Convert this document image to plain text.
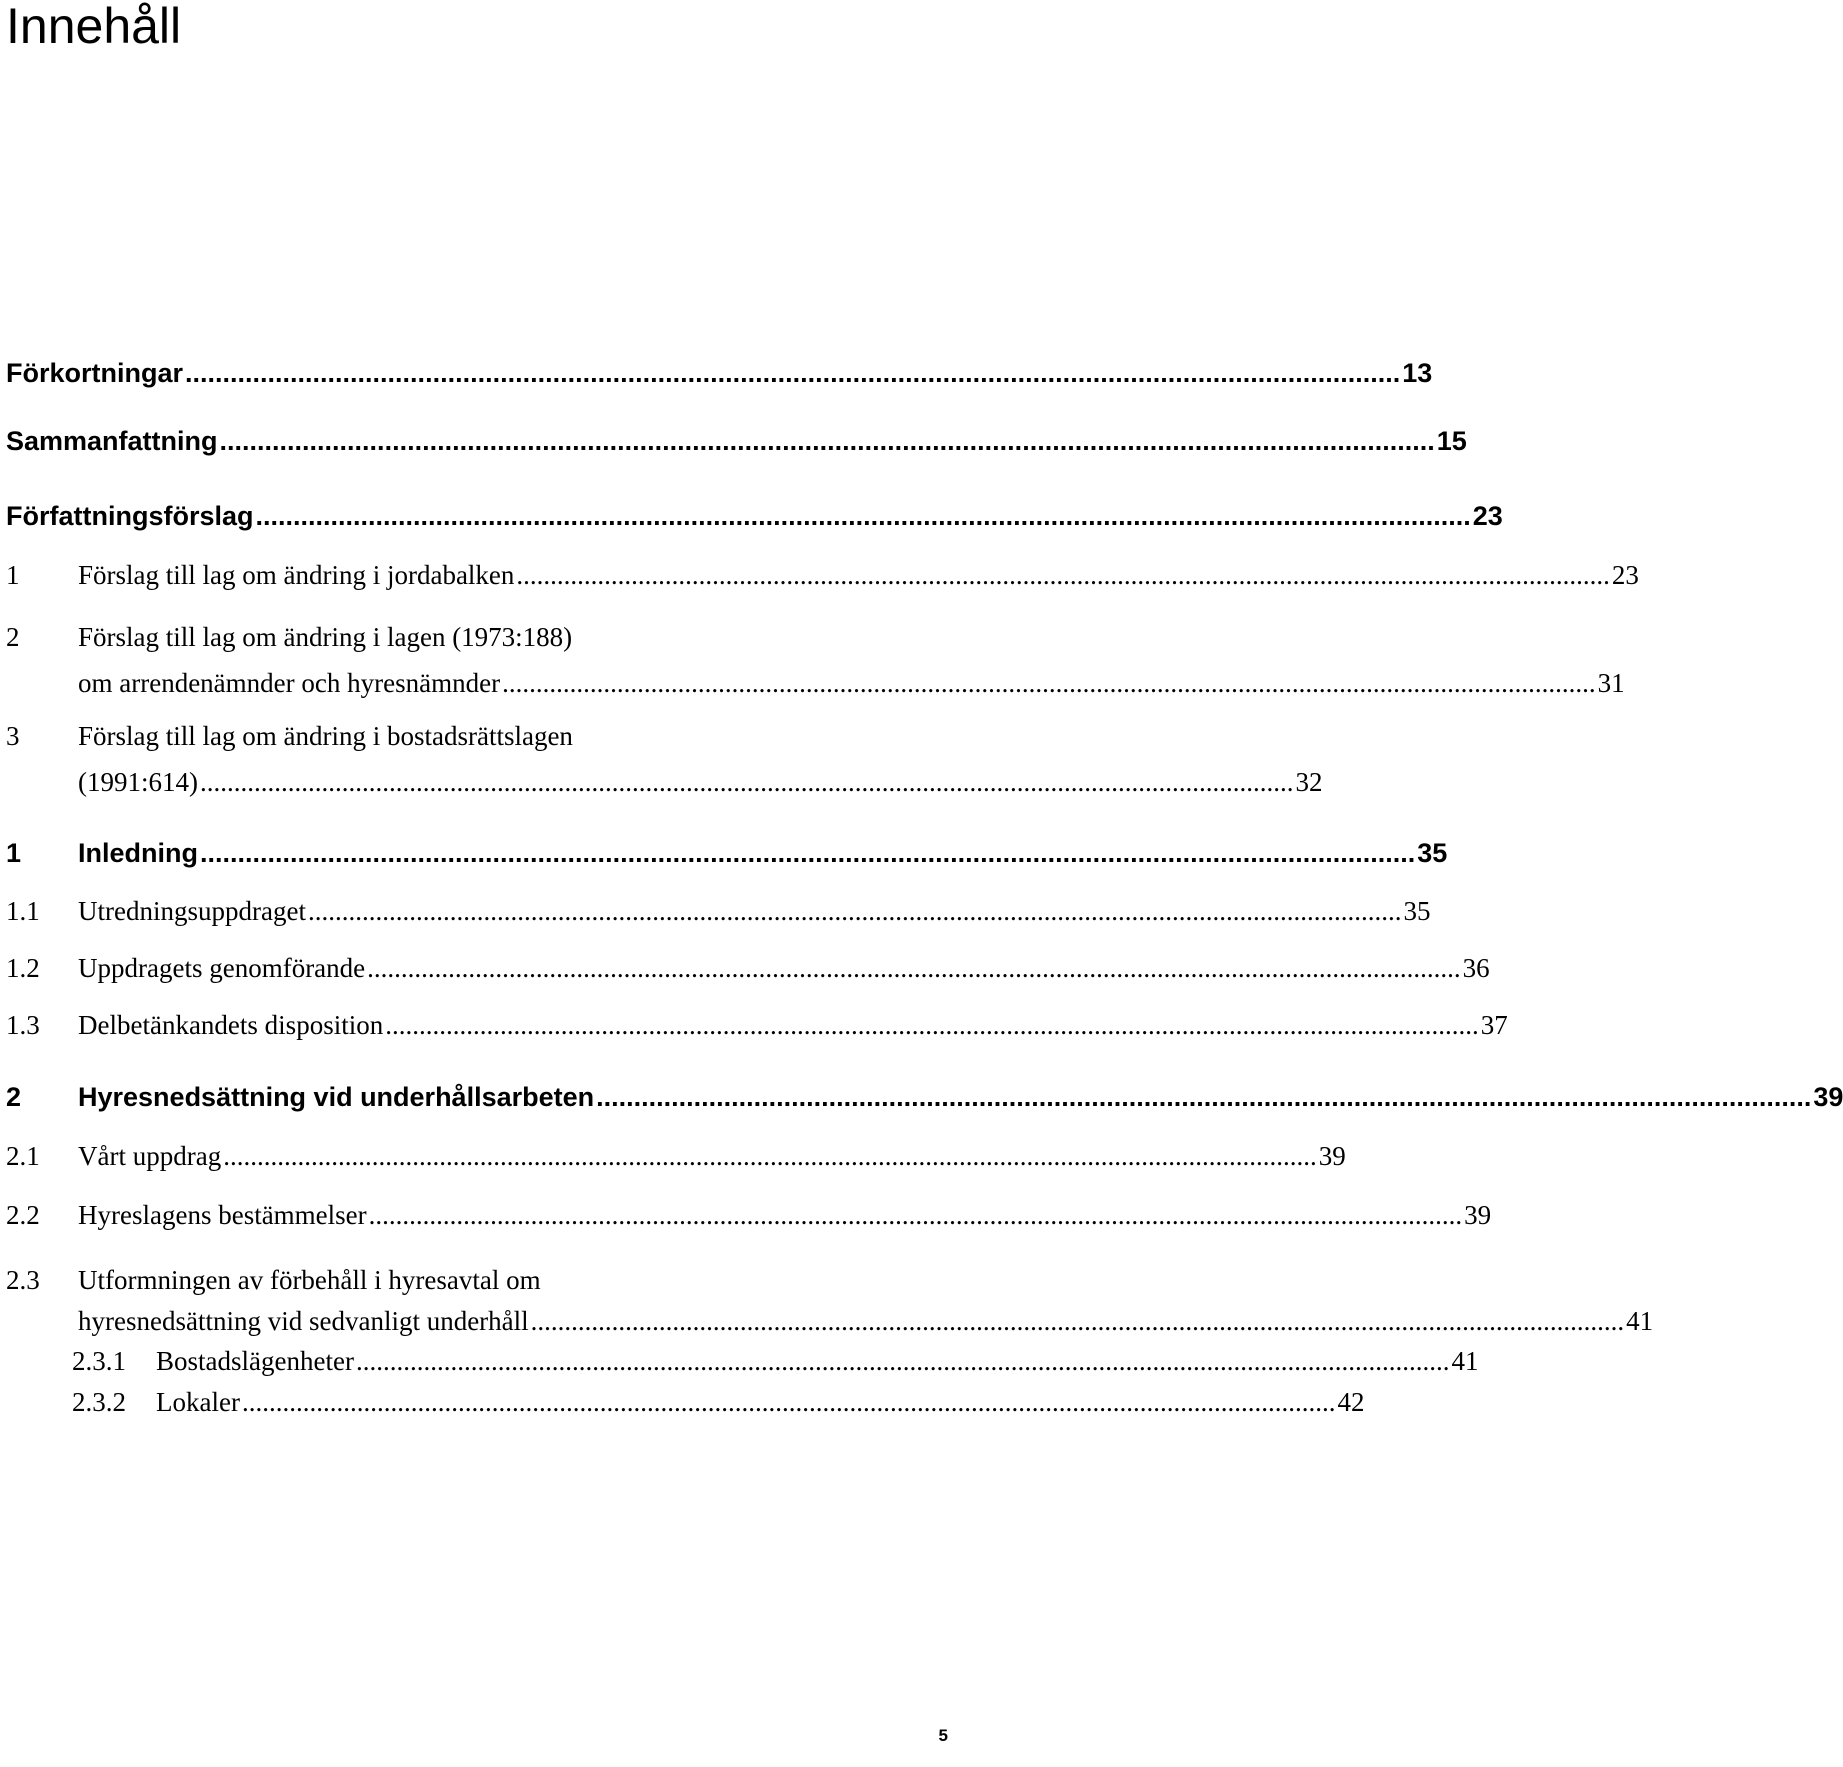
Innehåll
Förkortningar .................................................................................................................................................................. 13
Sammanfattning .................................................................................................................................................................. 15
Författningsförslag .................................................................................................................................................................. 23
1 Förslag till lag om ändring i jordabalken .................................................................................................................................................................. 23
2 Förslag till lag om ändring i lagen (1973:188)
om arrendenämnder och hyresnämnder .................................................................................................................................................................. 31
3 Förslag till lag om ändring i bostadsrättslagen
(1991:614) .................................................................................................................................................................. 32
1 Inledning .................................................................................................................................................................. 35
1.1 Utredningsuppdraget .................................................................................................................................................................. 35
1.2 Uppdragets genomförande .................................................................................................................................................................. 36
1.3 Delbetänkandets disposition .................................................................................................................................................................. 37
2 Hyresnedsättning vid underhållsarbeten .................................................................................................................................................................. 39
2.1 Vårt uppdrag .................................................................................................................................................................. 39
2.2 Hyreslagens bestämmelser .................................................................................................................................................................. 39
2.3 Utformningen av förbehåll i hyresavtal om
hyresnedsättning vid sedvanligt underhåll .................................................................................................................................................................. 41
2.3.1 Bostadslägenheter .................................................................................................................................................................. 41
2.3.2 Lokaler .................................................................................................................................................................. 42
5
